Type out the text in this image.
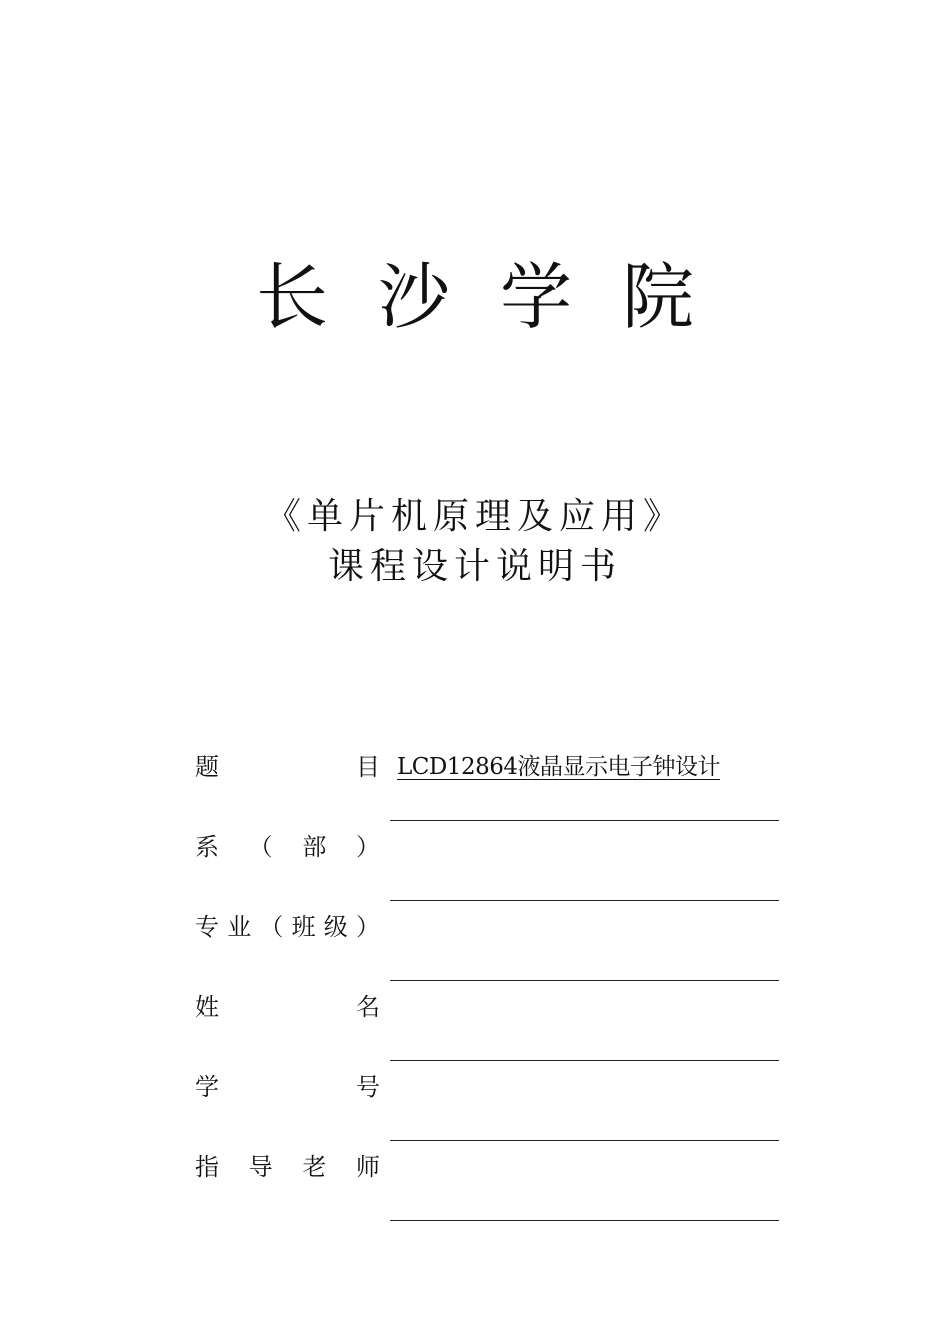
长沙学院
《单片机原理及应用》
课程设计说明书
题	目 LCD12864液晶显示电子钟设计
系 （ 部 ）
专 业 （ 班 级 ）
姓	名
学	号
指 导 老 师
